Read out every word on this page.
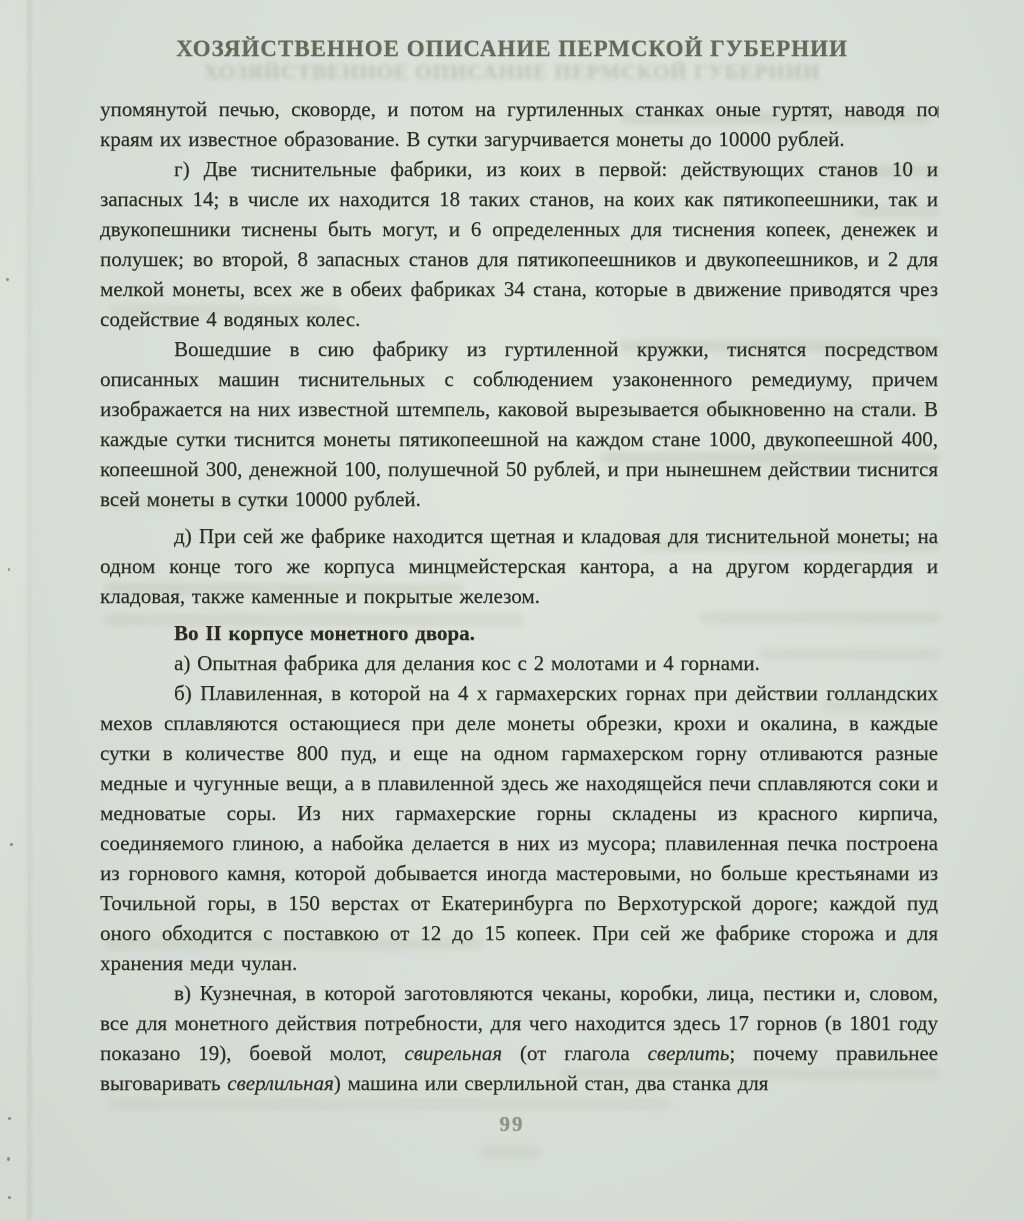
ХОЗЯЙСТВЕННОЕ ОПИСАНИЕ ПЕРМСКОЙ ГУБЕРНИИ
ХОЗЯЙСТВЕННОЕ ОПИСАНИЕ ПЕРМСКОЙ ГУБЕРНИИ

упомянутой печью, сковорде, и потом на гуртиленных станках оные гуртят, наводя по краям их известное образование. В сутки загурчивается монеты до 10000 рублей.

г) Две тиснительные фабрики, из коих в первой: действующих станов 10 и запасных 14; в числе их находится 18 таких станов, на коих как пятикопеешники, так и двукопешники тиснены быть могут, и 6 определенных для тиснения копеек, денежек и полушек; во второй, 8 запасных станов для пятикопеешников и двукопеешников, и 2 для мелкой монеты, всех же в обеих фабриках 34 стана, которые в движение приводятся чрез содействие 4 водяных колес.

Вошедшие в сию фабрику из гуртиленной кружки, тиснятся посредством описанных машин тиснительных с соблюдением узаконенного ремедиуму, причем изображается на них известной штемпель, каковой вырезывается обыкновенно на стали. В каждые сутки тиснится монеты пятикопеешной на каждом стане 1000, двукопеешной 400, копеешной 300, денежной 100, полушечной 50 рублей, и при нынешнем действии тиснится всей монеты в сутки 10000 рублей.

д) При сей же фабрике находится щетная и кладовая для тиснительной монеты; на одном конце того же корпуса минцмейстерская кантора, а на другом кордегардия и кладовая, также каменные и покрытые железом.

Во II корпусе монетного двора.

а) Опытная фабрика для делания кос с 2 молотами и 4 горнами.

б) Плавиленная, в которой на 4 х гармахерских горнах при действии голландских мехов сплавляются остающиеся при деле монеты обрезки, крохи и окалина, в каждые сутки в количестве 800 пуд, и еще на одном гармахерском горну отливаются разные медные и чугунные вещи, а в плавиленной здесь же находящейся печи сплавляются соки и медноватые соры. Из них гармахерские горны складены из красного кирпича, соединяемого глиною, а набойка делается в них из мусора; плавиленная печка построена из горнового камня, которой добывается иногда мастеровыми, но больше крестьянами из Точильной горы, в 150 верстах от Екатеринбурга по Верхотурской дороге; каждой пуд оного обходится с поставкою от 12 до 15 копеек. При сей же фабрике сторожа и для хранения меди чулан.

в) Кузнечная, в которой заготовляются чеканы, коробки, лица, пестики и, словом, все для монетного действия потребности, для чего находится здесь 17 горнов (в 1801 году показано 19), боевой молот, свирельная (от глагола сверлить; почему правильнее выговаривать сверлильная) машина или сверлильной стан, два станка для

99
